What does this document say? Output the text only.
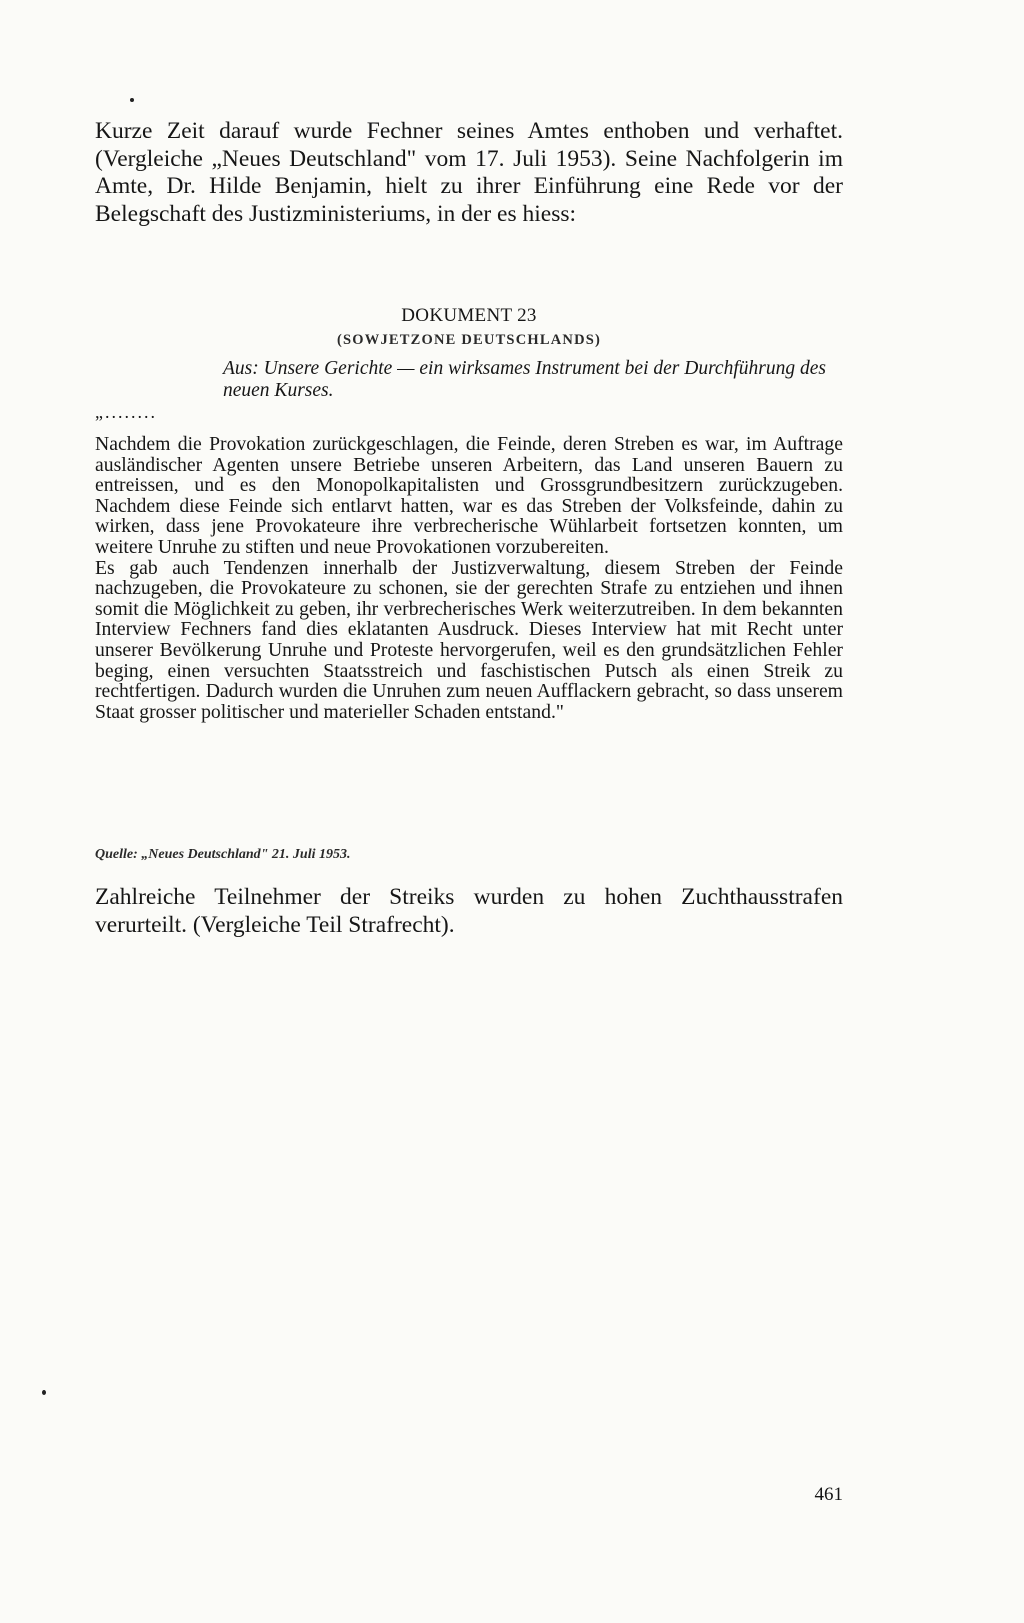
Kurze Zeit darauf wurde Fechner seines Amtes enthoben und verhaftet. (Vergleiche „Neues Deutschland" vom 17. Juli 1953). Seine Nachfolgerin im Amte, Dr. Hilde Benjamin, hielt zu ihrer Einführung eine Rede vor der Belegschaft des Justizministeriums, in der es hiess:

DOKUMENT 23

(SOWJETZONE DEUTSCHLANDS)

Aus: Unsere Gerichte — ein wirksames Instrument bei der Durchführung des neuen Kurses.

„........

Nachdem die Provokation zurückgeschlagen, die Feinde, deren Streben es war, im Auftrage ausländischer Agenten unsere Betriebe unseren Arbeitern, das Land unseren Bauern zu entreissen, und es den Monopolkapitalisten und Grossgrundbesitzern zurückzugeben. Nachdem diese Feinde sich entlarvt hatten, war es das Streben der Volksfeinde, dahin zu wirken, dass jene Provokateure ihre verbrecherische Wühlarbeit fortsetzen konnten, um weitere Unruhe zu stiften und neue Provokationen vorzubereiten.

Es gab auch Tendenzen innerhalb der Justizverwaltung, diesem Streben der Feinde nachzugeben, die Provokateure zu schonen, sie der gerechten Strafe zu entziehen und ihnen somit die Möglichkeit zu geben, ihr verbrecherisches Werk weiterzutreiben. In dem bekannten Interview Fechners fand dies eklatanten Ausdruck. Dieses Interview hat mit Recht unter unserer Bevölkerung Unruhe und Proteste hervorgerufen, weil es den grundsätzlichen Fehler beging, einen versuchten Staatsstreich und faschistischen Putsch als einen Streik zu rechtfertigen. Dadurch wurden die Unruhen zum neuen Aufflackern gebracht, so dass unserem Staat grosser politischer und materieller Schaden entstand."

Quelle: „Neues Deutschland" 21. Juli 1953.

Zahlreiche Teilnehmer der Streiks wurden zu hohen Zuchthausstrafen verurteilt. (Vergleiche Teil Strafrecht).

461
